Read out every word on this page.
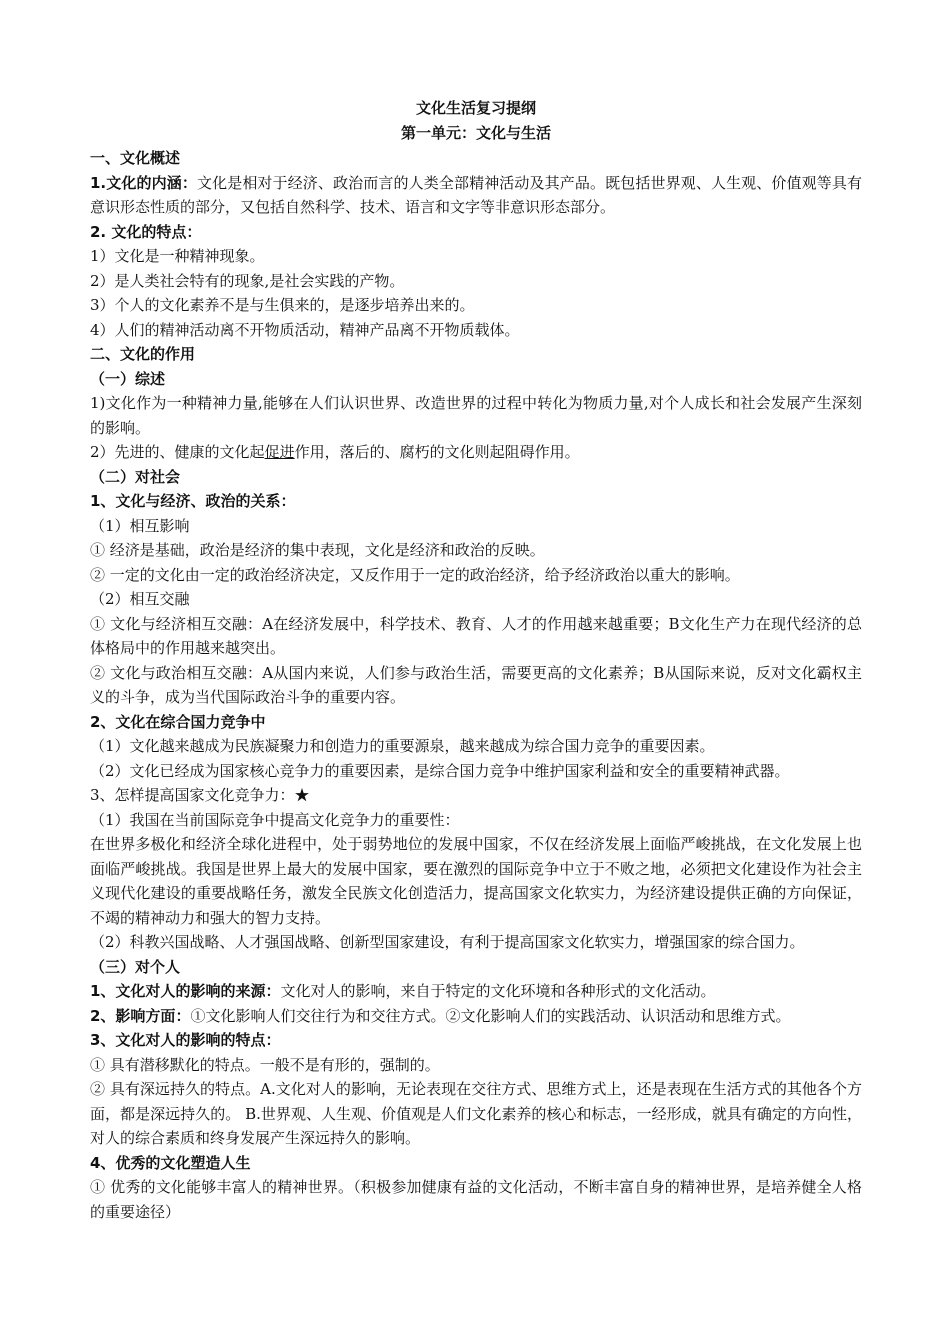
文化生活复习提纲
第一单元：文化与生活
一、文化概述

1.文化的内涵：文化是相对于经济、政治而言的人类全部精神活动及其产品。既包括世界观、人生观、价值观等具有意识形态性质的部分，又包括自然科学、技术、语言和文字等非意识形态部分。

2. 文化的特点：

1）文化是一种精神现象。

2）是人类社会特有的现象,是社会实践的产物。

3）个人的文化素养不是与生俱来的，是逐步培养出来的。

4）人们的精神活动离不开物质活动，精神产品离不开物质载体。

二、文化的作用
（一）综述

1)文化作为一种精神力量,能够在人们认识世界、改造世界的过程中转化为物质力量,对个人成长和社会发展产生深刻的影响。

2）先进的、健康的文化起促进作用，落后的、腐朽的文化则起阻碍作用。

（二）对社会
1、文化与经济、政治的关系：

（1）相互影响

① 经济是基础，政治是经济的集中表现，文化是经济和政治的反映。

② 一定的文化由一定的政治经济决定，又反作用于一定的政治经济，给予经济政治以重大的影响。

（2）相互交融

① 文化与经济相互交融：A在经济发展中，科学技术、教育、人才的作用越来越重要；B文化生产力在现代经济的总体格局中的作用越来越突出。

② 文化与政治相互交融：A从国内来说，人们参与政治生活，需要更高的文化素养；B从国际来说，反对文化霸权主义的斗争，成为当代国际政治斗争的重要内容。

2、文化在综合国力竞争中

（1）文化越来越成为民族凝聚力和创造力的重要源泉，越来越成为综合国力竞争的重要因素。

（2）文化已经成为国家核心竞争力的重要因素，是综合国力竞争中维护国家利益和安全的重要精神武器。

3、怎样提高国家文化竞争力：★

（1）我国在当前国际竞争中提高文化竞争力的重要性：

在世界多极化和经济全球化进程中，处于弱势地位的发展中国家，不仅在经济发展上面临严峻挑战，在文化发展上也面临严峻挑战。我国是世界上最大的发展中国家，要在激烈的国际竞争中立于不败之地，必须把文化建设作为社会主义现代化建设的重要战略任务，激发全民族文化创造活力，提高国家文化软实力，为经济建设提供正确的方向保证，不竭的精神动力和强大的智力支持。

（2）科教兴国战略、人才强国战略、创新型国家建设，有利于提高国家文化软实力，增强国家的综合国力。

（三）对个人

1、文化对人的影响的来源：文化对人的影响，来自于特定的文化环境和各种形式的文化活动。

2、影响方面：①文化影响人们交往行为和交往方式。②文化影响人们的实践活动、认识活动和思维方式。

3、文化对人的影响的特点：

① 具有潜移默化的特点。一般不是有形的，强制的。

② 具有深远持久的特点。A.文化对人的影响，无论表现在交往方式、思维方式上，还是表现在生活方式的其他各个方面，都是深远持久的。 B.世界观、人生观、价值观是人们文化素养的核心和标志，一经形成，就具有确定的方向性，对人的综合素质和终身发展产生深远持久的影响。

4、优秀的文化塑造人生

① 优秀的文化能够丰富人的精神世界。（积极参加健康有益的文化活动，不断丰富自身的精神世界，是培养健全人格的重要途径）
